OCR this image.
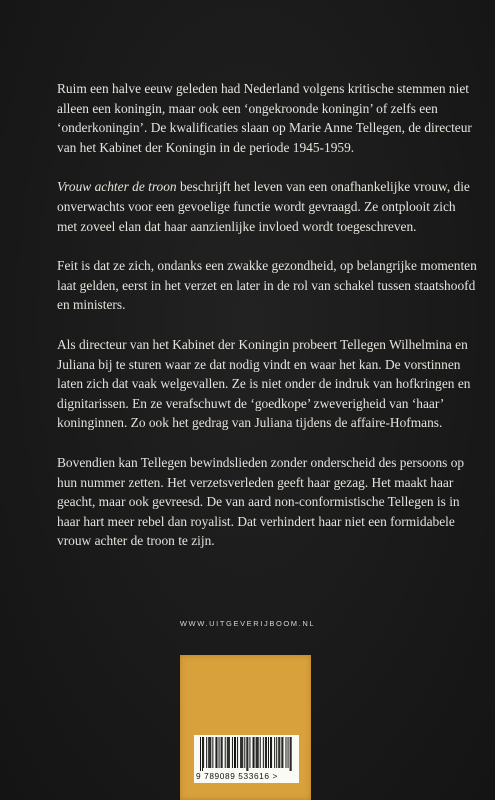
Ruim een halve eeuw geleden had Nederland volgens kritische stemmen niet alleen een koningin, maar ook een ‘ongekroonde koningin’ of zelfs een ‘onderkoningin’. De kwalificaties slaan op Marie Anne Tellegen, de directeur van het Kabinet der Koningin in de periode 1945-1959.

Vrouw achter de troon beschrijft het leven van een onafhankelijke vrouw, die onverwachts voor een gevoelige functie wordt gevraagd. Ze ontplooit zich met zoveel elan dat haar aanzienlijke invloed wordt toegeschreven.

Feit is dat ze zich, ondanks een zwakke gezondheid, op belangrijke momenten laat gelden, eerst in het verzet en later in de rol van schakel tussen staatshoofd en ministers.

Als directeur van het Kabinet der Koningin probeert Tellegen Wilhelmina en Juliana bij te sturen waar ze dat nodig vindt en waar het kan. De vorstinnen laten zich dat vaak welgevallen. Ze is niet onder de indruk van hofkringen en dignitarissen. En ze verafschuwt de ‘goedkope’ zweverigheid van ‘haar’ koninginnen. Zo ook het gedrag van Juliana tijdens de affaire-Hofmans.

Bovendien kan Tellegen bewindslieden zonder onderscheid des persoons op hun nummer zetten. Het verzetsverleden geeft haar gezag. Het maakt haar geacht, maar ook gevreesd. De van aard non-conformistische Tellegen is in haar hart meer rebel dan royalist. Dat verhindert haar niet een formidabele vrouw achter de troon te zijn.

WWW.UITGEVERIJBOOM.NL
9 789089 533616 >
